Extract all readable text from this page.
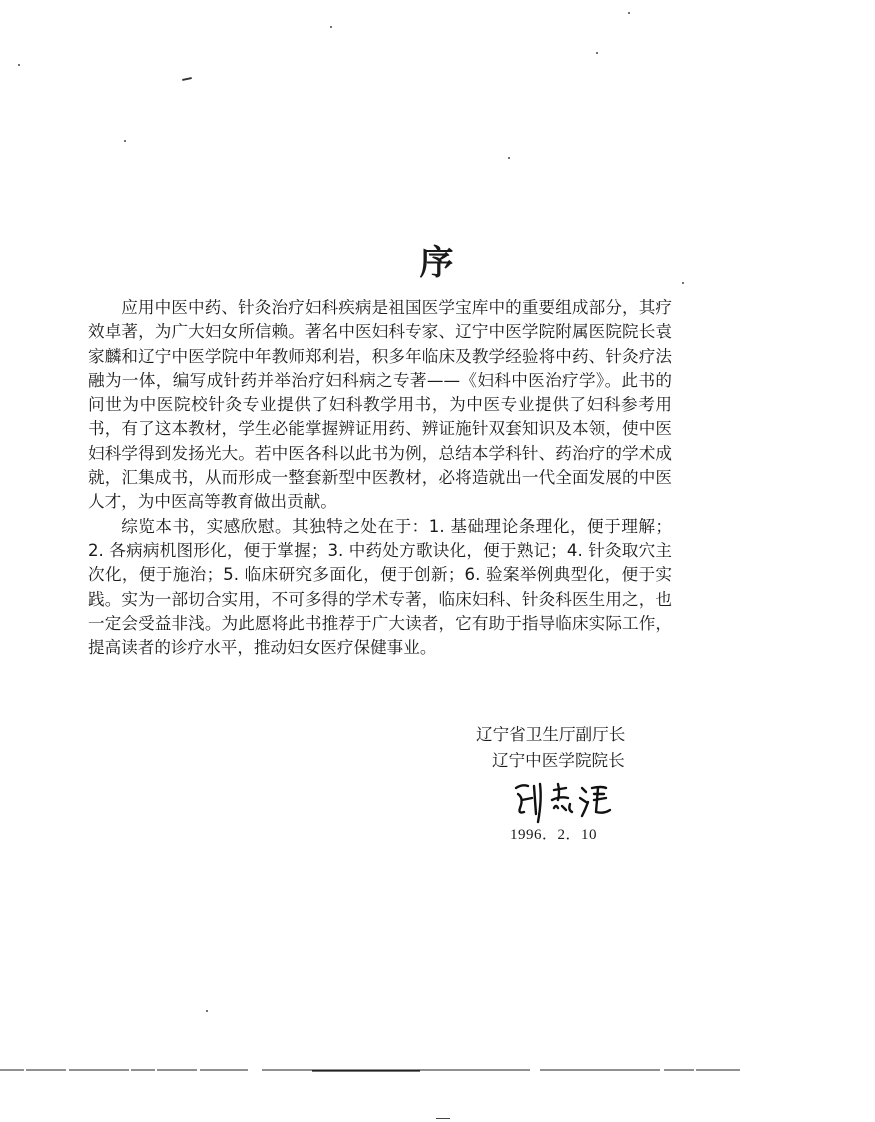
序

应用中医中药、针灸治疗妇科疾病是祖国医学宝库中的重要组成部分，其疗效卓著，为广大妇女所信赖。著名中医妇科专家、辽宁中医学院附属医院院长袁家麟和辽宁中医学院中年教师郑利岩，积多年临床及教学经验将中药、针灸疗法融为一体，编写成针药并举治疗妇科病之专著——《妇科中医治疗学》。此书的问世为中医院校针灸专业提供了妇科教学用书，为中医专业提供了妇科参考用书，有了这本教材，学生必能掌握辨证用药、辨证施针双套知识及本领，使中医妇科学得到发扬光大。若中医各科以此书为例，总结本学科针、药治疗的学术成就，汇集成书，从而形成一整套新型中医教材，必将造就出一代全面发展的中医人才，为中医高等教育做出贡献。

综览本书，实感欣慰。其独特之处在于：1. 基础理论条理化，便于理解；2. 各病病机图形化，便于掌握；3. 中药处方歌诀化，便于熟记；4. 针灸取穴主次化，便于施治；5. 临床研究多面化，便于创新；6. 验案举例典型化，便于实践。实为一部切合实用，不可多得的学术专著，临床妇科、针灸科医生用之，也一定会受益非浅。为此愿将此书推荐于广大读者，它有助于指导临床实际工作，提高读者的诊疗水平，推动妇女医疗保健事业。

辽宁省卫生厅副厅长
辽宁中医学院院长
1996．2．10
